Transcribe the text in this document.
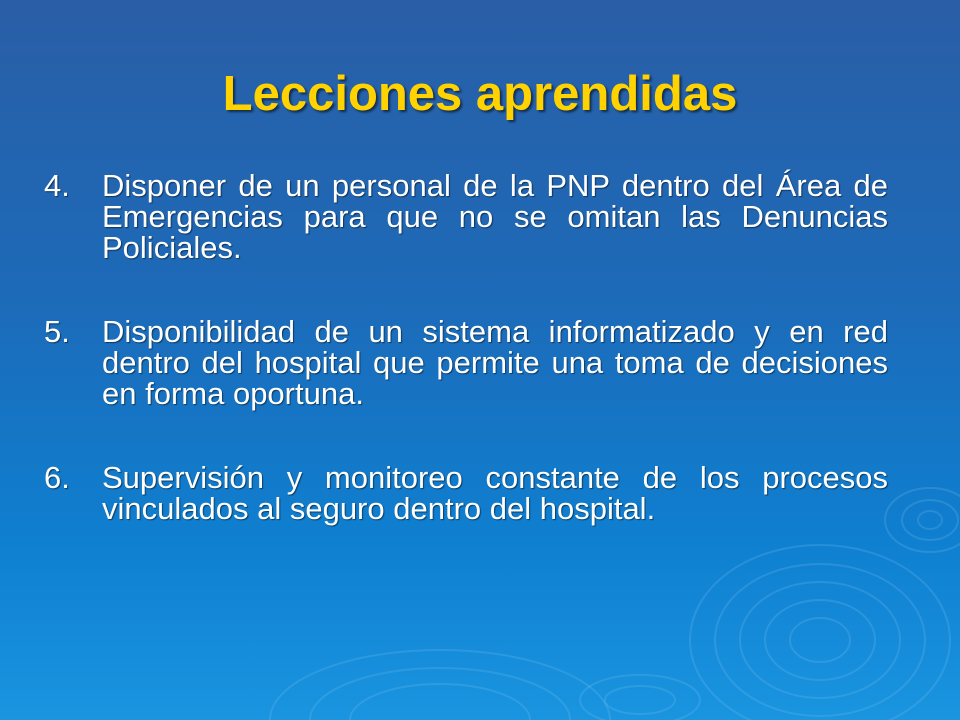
Lecciones aprendidas
4. Disponer de un personal de la PNP dentro del Área de Emergencias para que no se omitan las Denuncias Policiales.
5. Disponibilidad de un sistema informatizado y en red dentro del hospital que permite una toma de decisiones en forma oportuna.
6. Supervisión y monitoreo constante de los procesos vinculados al seguro dentro del hospital.
